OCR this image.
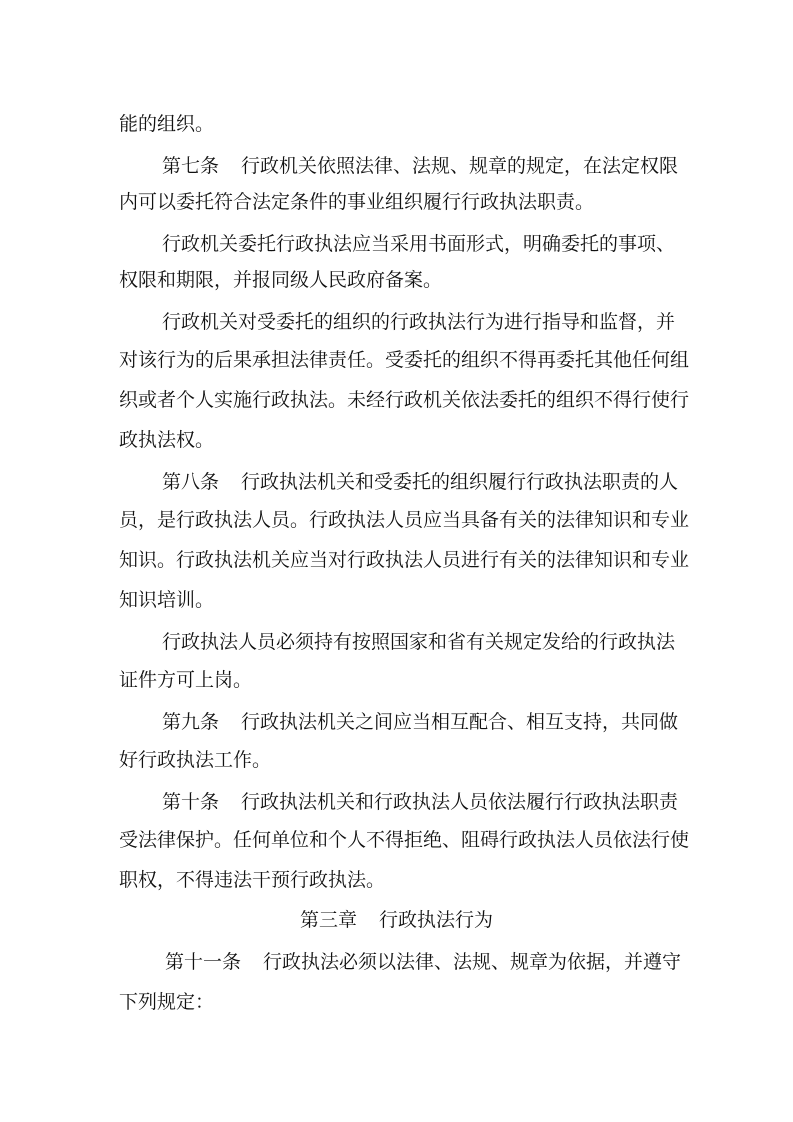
能的组织。
第七条 行政机关依照法律、法规、规章的规定，在法定权限
内可以委托符合法定条件的事业组织履行行政执法职责。
行政机关委托行政执法应当采用书面形式，明确委托的事项、
权限和期限，并报同级人民政府备案。
行政机关对受委托的组织的行政执法行为进行指导和监督，并
对该行为的后果承担法律责任。受委托的组织不得再委托其他任何组
织或者个人实施行政执法。未经行政机关依法委托的组织不得行使行
政执法权。
第八条 行政执法机关和受委托的组织履行行政执法职责的人
员，是行政执法人员。行政执法人员应当具备有关的法律知识和专业
知识。行政执法机关应当对行政执法人员进行有关的法律知识和专业
知识培训。
行政执法人员必须持有按照国家和省有关规定发给的行政执法
证件方可上岗。
第九条 行政执法机关之间应当相互配合、相互支持，共同做
好行政执法工作。
第十条 行政执法机关和行政执法人员依法履行行政执法职责
受法律保护。任何单位和个人不得拒绝、阻碍行政执法人员依法行使
职权，不得违法干预行政执法。
第三章 行政执法行为
第十一条 行政执法必须以法律、法规、规章为依据，并遵守
下列规定：
